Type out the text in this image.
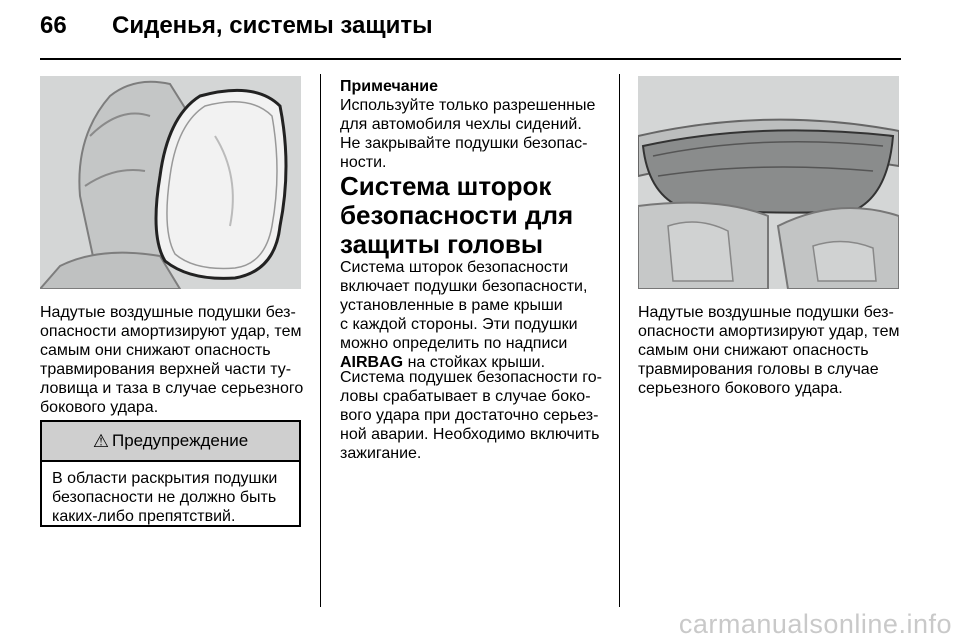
66 Сиденья, системы защиты

Надутые воздушные подушки без-

опасности амортизируют удар, тем

самым они снижают опасность

травмирования верхней части ту-

ловища и таза в случае серьезного

бокового удара.

⚠ Предупреждение
В области раскрытия подушки
безопасности не должно быть
каких-либо препятствий.

Примечание

Используйте только разрешенные

для автомобиля чехлы сидений.

Не закрывайте подушки безопас-

ности.

Система шторок
безопасности для
защиты головы

Система шторок безопасности

включает подушки безопасности,

установленные в раме крыши

с каждой стороны. Эти подушки

можно определить по надписи

AIRBAG на стойках крыши.

Система подушек безопасности го-

ловы срабатывает в случае боко-

вого удара при достаточно серьез-

ной аварии. Необходимо включить

зажигание.

Надутые воздушные подушки без-

опасности амортизируют удар, тем

самым они снижают опасность

травмирования головы в случае

серьезного бокового удара.

carmanualsonline.info
